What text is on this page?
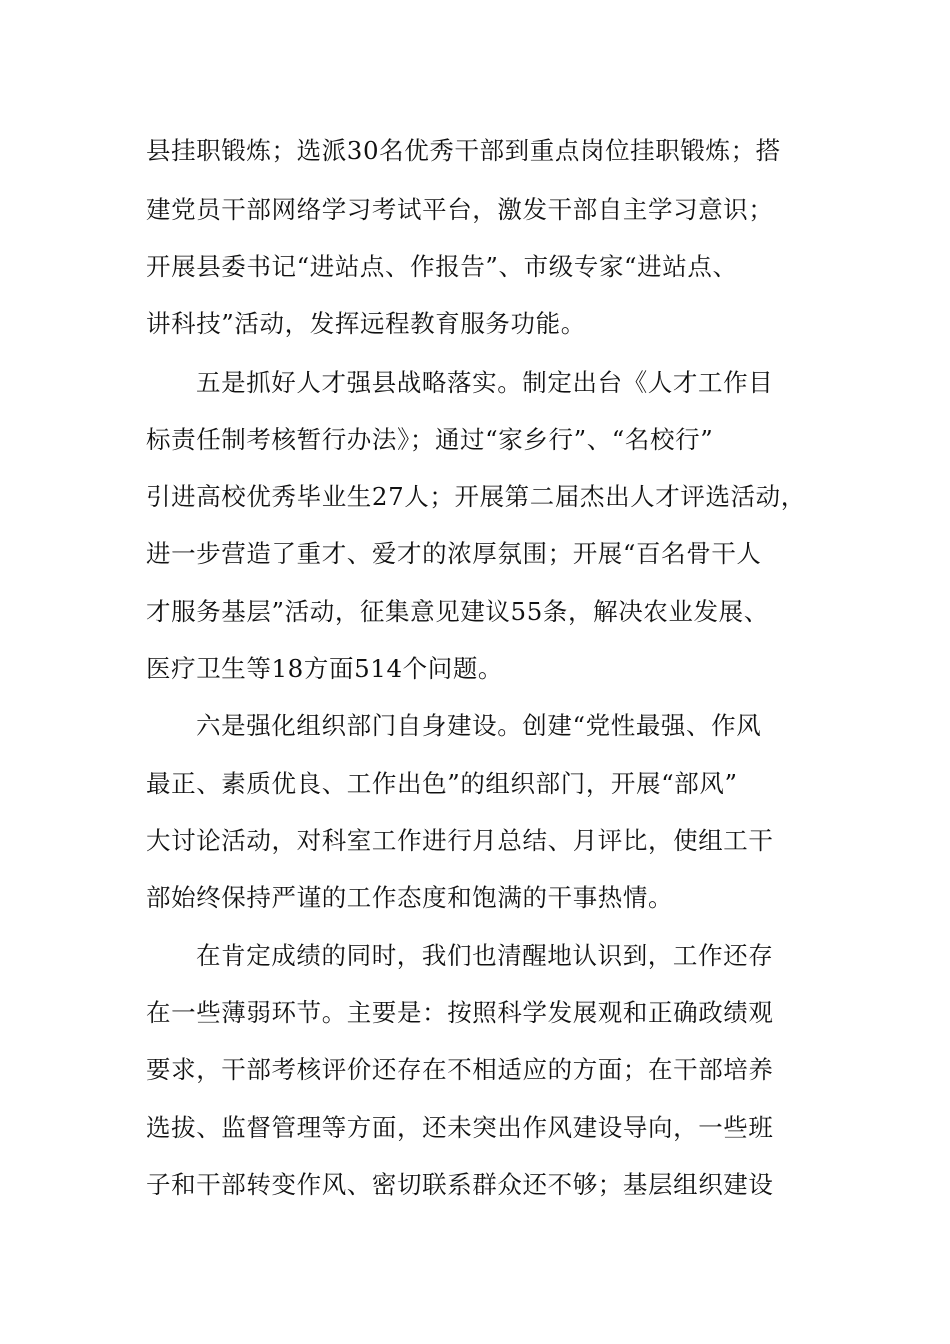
县挂职锻炼；选派30名优秀干部到重点岗位挂职锻炼；搭
建党员干部网络学习考试平台，激发干部自主学习意识；
开展县委书记“进站点、作报告”、市级专家“进站点、
讲科技”活动，发挥远程教育服务功能。
五是抓好人才强县战略落实。制定出台《人才工作目
标责任制考核暂行办法》；通过“家乡行”、“名校行”
引进高校优秀毕业生27人；开展第二届杰出人才评选活动，
进一步营造了重才、爱才的浓厚氛围；开展“百名骨干人
才服务基层”活动，征集意见建议55条，解决农业发展、
医疗卫生等18方面514个问题。
六是强化组织部门自身建设。创建“党性最强、作风
最正、素质优良、工作出色”的组织部门，开展“部风”
大讨论活动，对科室工作进行月总结、月评比，使组工干
部始终保持严谨的工作态度和饱满的干事热情。
在肯定成绩的同时，我们也清醒地认识到，工作还存
在一些薄弱环节。主要是：按照科学发展观和正确政绩观
要求，干部考核评价还存在不相适应的方面；在干部培养
选拔、监督管理等方面，还未突出作风建设导向，一些班
子和干部转变作风、密切联系群众还不够；基层组织建设
